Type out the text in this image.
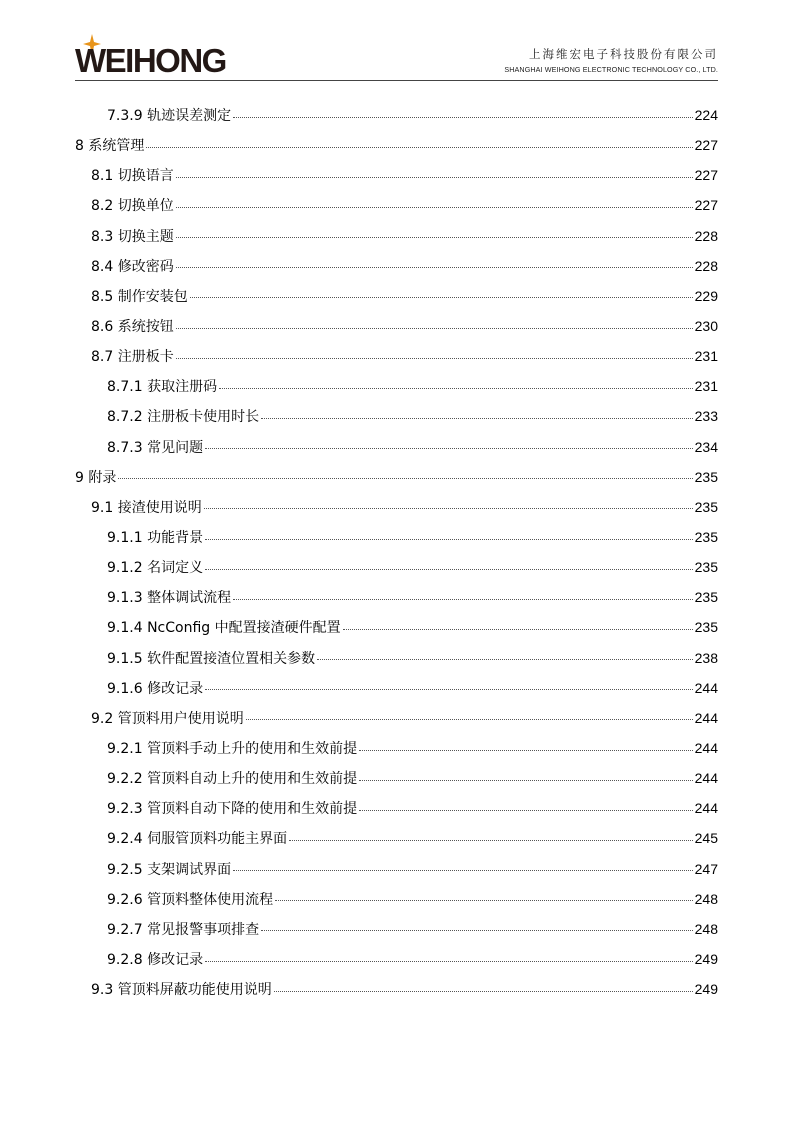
WEIHONG	上海维宏电子科技股份有限公司
SHANGHAI WEIHONG ELECTRONIC TECHNOLOGY CO., LTD.
7.3.9 轨迹误差测定	224
8 系统管理	227
8.1 切换语言	227
8.2 切换单位	227
8.3 切换主题	228
8.4 修改密码	228
8.5 制作安装包	229
8.6 系统按钮	230
8.7 注册板卡	231
8.7.1 获取注册码	231
8.7.2 注册板卡使用时长	233
8.7.3 常见问题	234
9 附录	235
9.1 接渣使用说明	235
9.1.1 功能背景	235
9.1.2 名词定义	235
9.1.3 整体调试流程	235
9.1.4 NcConfig 中配置接渣硬件配置	235
9.1.5 软件配置接渣位置相关参数	238
9.1.6 修改记录	244
9.2 管顶料用户使用说明	244
9.2.1 管顶料手动上升的使用和生效前提	244
9.2.2 管顶料自动上升的使用和生效前提	244
9.2.3 管顶料自动下降的使用和生效前提	244
9.2.4 伺服管顶料功能主界面	245
9.2.5 支架调试界面	247
9.2.6 管顶料整体使用流程	248
9.2.7 常见报警事项排查	248
9.2.8 修改记录	249
9.3 管顶料屏蔽功能使用说明	249
